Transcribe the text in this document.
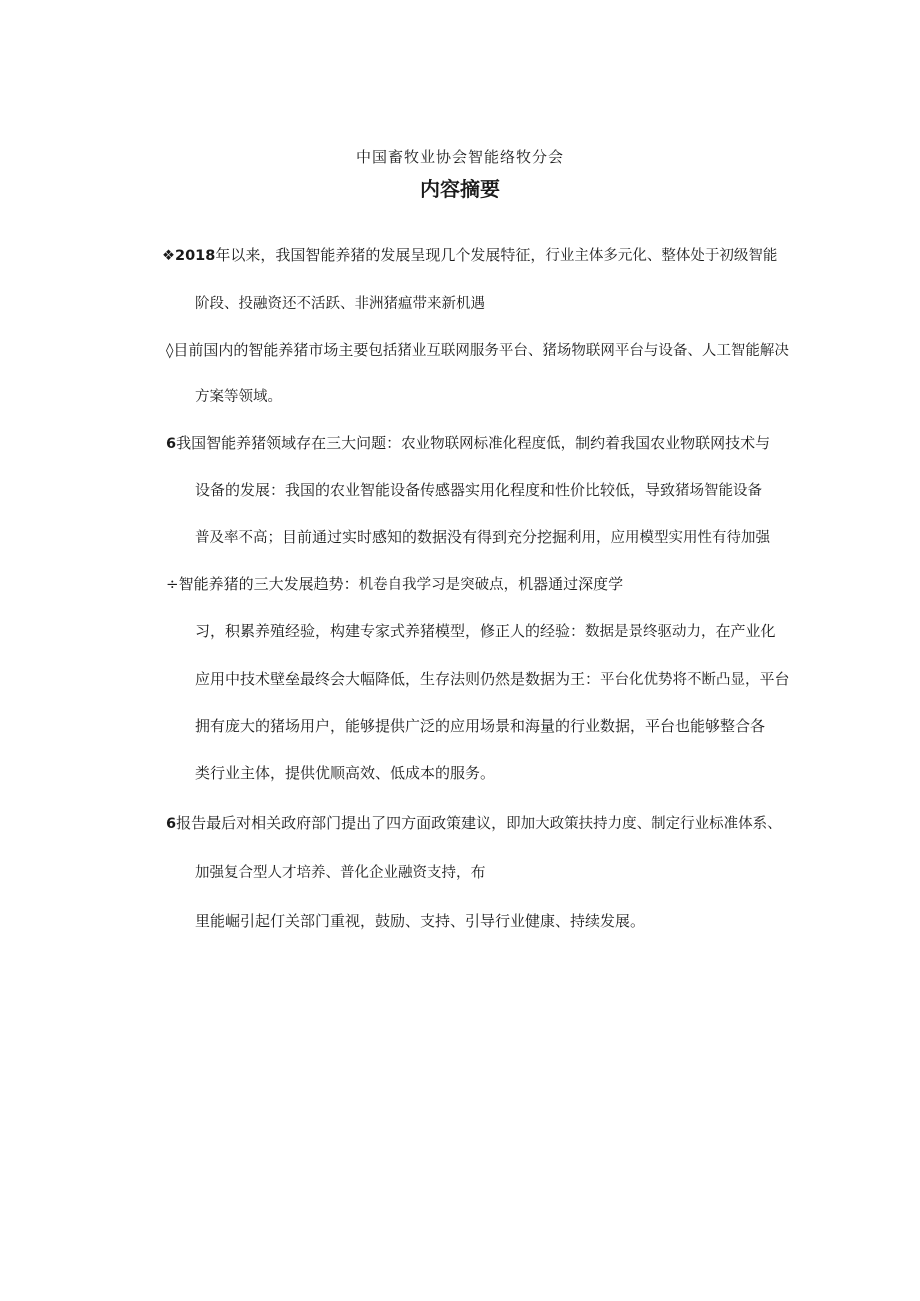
中国畜牧业协会智能络牧分会
内容摘要
❖2018年以来，我国智能养猪的发展呈现几个发展特征，行业主体多元化、整体处于初级智能
阶段、投融资还不活跃、非洲猪瘟带来新机遇
◊目前国内的智能养猪市场主要包括猪业互联网服务平台、猪场物联网平台与设备、人工智能解决
方案等领域。
6我国智能养猪领域存在三大问题：农业物联网标准化程度低，制约着我国农业物联网技术与
设备的发展：我国的农业智能设备传感器实用化程度和性价比较低，导致猪场智能设备
普及率不高；目前通过实时感知的数据没有得到充分挖掘利用，应用模型实用性有待加强
÷智能养猪的三大发展趋势：机卷自我学习是突破点，机器通过深度学
习，积累养殖经验，构建专家式养猪模型，修正人的经验：数据是景终驱动力，在产业化
应用中技术壁垒最终会大幅降低，生存法则仍然是数据为王：平台化优势将不断凸显，平台
拥有庞大的猪场用户，能够提供广泛的应用场景和海量的行业数据，平台也能够整合各
类行业主体，提供优顺高效、低成本的服务。
6报告最后对相关政府部门提出了四方面政策建议，即加大政策扶持力度、制定行业标准体系、
加强复合型人才培养、普化企业融资支持，布
里能崛引起仃关部门重视，鼓励、支持、引导行业健康、持续发展。
